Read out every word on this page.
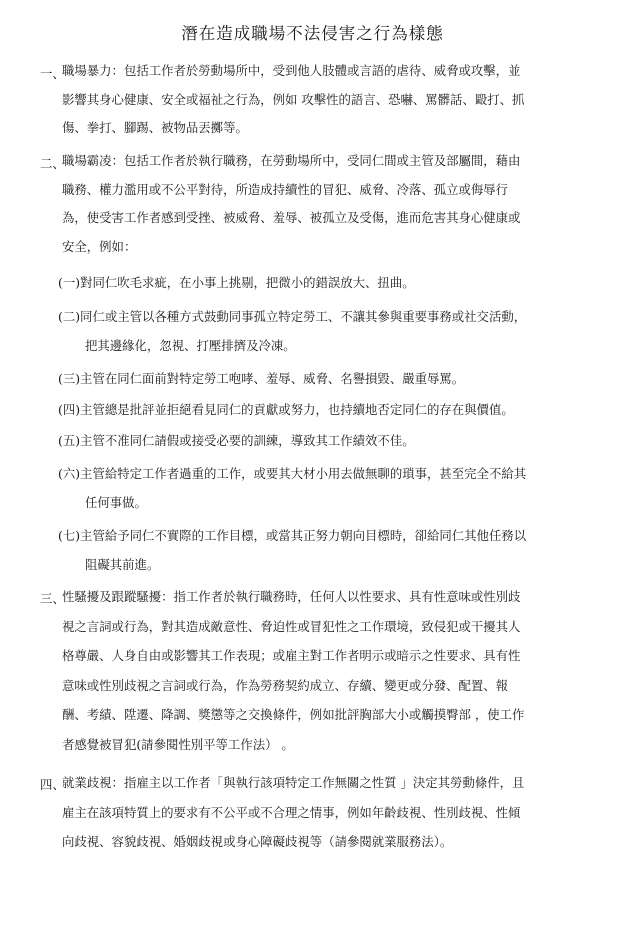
潛在造成職場不法侵害之行為樣態
一、
職場暴力：包括工作者於勞動場所中，受到他人肢體或言語的虐待、威脅或攻擊，並
影響其身心健康、安全或福祉之行為，例如 攻擊性的語言、恐嚇、罵髒話、毆打、抓
傷、拳打、腳踢、被物品丟擲等。
二、
職場霸凌：包括工作者於執行職務，在勞動場所中，受同仁間或主管及部屬間，藉由
職務、權力濫用或不公平對待，所造成持續性的冒犯、威脅、冷落、孤立或侮辱行
為，使受害工作者感到受挫、被威脅、羞辱、被孤立及受傷，進而危害其身心健康或
安全，例如：
(一)對同仁吹毛求疵，在小事上挑剔，把微小的錯誤放大、扭曲。
(二)同仁或主管以各種方式鼓動同事孤立特定勞工、不讓其參與重要事務或社交活動，
把其邊緣化，忽視、打壓排擠及冷凍。
(三)主管在同仁面前對特定勞工咆哮、羞辱、威脅、名譽損毀、嚴重辱罵。
(四)主管總是批評並拒絕看見同仁的貢獻或努力，也持續地否定同仁的存在與價值。
(五)主管不准同仁請假或接受必要的訓練，導致其工作績效不佳。
(六)主管給特定工作者過重的工作，或要其大材小用去做無聊的瑣事，甚至完全不給其
任何事做。
(七)主管給予同仁不實際的工作目標，或當其正努力朝向目標時，卻給同仁其他任務以
阻礙其前進。
三、
性騷擾及跟蹤騷擾：指工作者於執行職務時，任何人以性要求、具有性意味或性別歧
視之言詞或行為，對其造成敵意性、脅迫性或冒犯性之工作環境，致侵犯或干擾其人
格尊嚴、人身自由或影響其工作表現；或雇主對工作者明示或暗示之性要求、具有性
意味或性別歧視之言詞或行為，作為勞務契約成立、存續、變更或分發、配置、報
酬、考績、陞遷、降調、獎懲等之交換條件，例如批評胸部大小或觸摸臀部 ，使工作
者感覺被冒犯(請參閱性別平等工作法） 。
四、
就業歧視：指雇主以工作者「與執行該項特定工作無關之性質 」決定其勞動條件，且
雇主在該項特質上的要求有不公平或不合理之情事，例如年齡歧視、性別歧視、性傾
向歧視、容貌歧視、婚姻歧視或身心障礙歧視等（請參閱就業服務法）。
